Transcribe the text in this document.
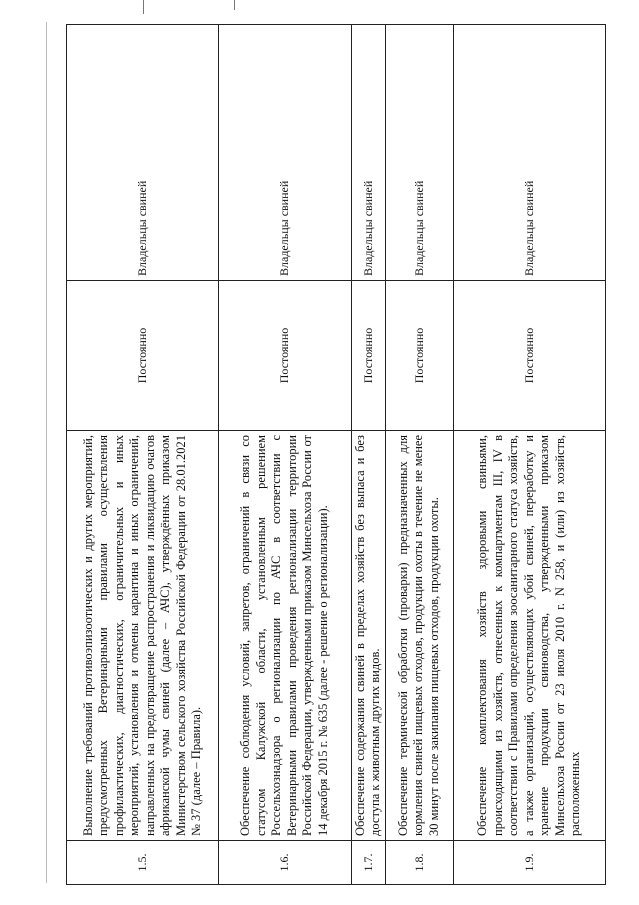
1.5.	Выполнение требований противоэпизоотических и других мероприятий, предусмотренных Ветеринарными правилами осуществления профилактических, диагностических, ограничительных и иных мероприятий, установления и отмены карантина и иных ограничений, направленных на предотвращение распространения и ликвидацию очагов африканской чумы свиней (далее – АЧС), утверждённых приказом Министерством сельского хозяйства Российской Федерации от 28.01.2021 № 37 (далее – Правила).	Постоянно	Владельцы свиней
1.6.	Обеспечение соблюдения условий, запретов, ограничений в связи со статусом Калужской области, установленным решением Россельхознадзора о регионализации по АЧС в соответствии с Ветеринарными правилами проведения регионализации территории Российской Федерации, утвержденными приказом Минсельхоза России от 14 декабря 2015 г. № 635 (далее - решение о регионализации).	Постоянно	Владельцы свиней
1.7.	Обеспечение содержания свиней в пределах хозяйств без выпаса и без доступа к животным других видов.	Постоянно	Владельцы свиней
1.8.	Обеспечение термической обработки (проварки) предназначенных для кормления свиней пищевых отходов, продукции охоты в течение не менее 30 минут после закипания пищевых отходов, продукции охоты.	Постоянно	Владельцы свиней
1.9.	Обеспечение комплектования хозяйств здоровыми свиньями, происходящими из хозяйств, отнесенных к компартментам III, IV в соответствии с Правилами определения зоосанитарного статуса хозяйств, а также организаций, осуществляющих убой свиней, переработку и хранение продукции свиноводства, утвержденными приказом Минсельхоза России от 23 июля 2010 г. N 258, и (или) из хозяйств, расположенных	Постоянно	Владельцы свиней
